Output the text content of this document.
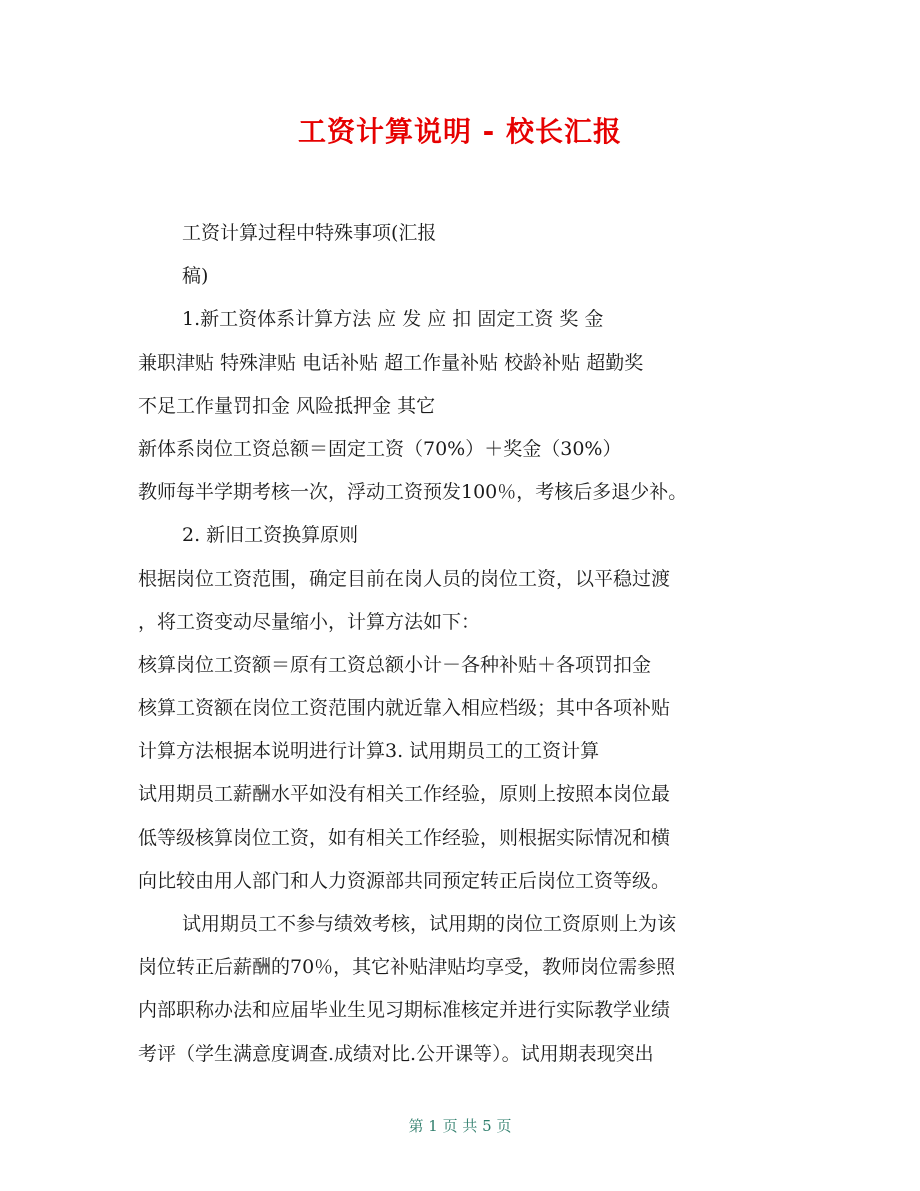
工资计算说明 - 校长汇报
工资计算过程中特殊事项(汇报
稿)
1.新工资体系计算方法 应 发 应 扣 固定工资 奖 金
兼职津贴 特殊津贴 电话补贴 超工作量补贴 校龄补贴 超勤奖
不足工作量罚扣金 风险抵押金 其它
新体系岗位工资总额＝固定工资（70%）＋奖金（30%）
教师每半学期考核一次，浮动工资预发100％，考核后多退少补。
2. 新旧工资换算原则
根据岗位工资范围，确定目前在岗人员的岗位工资，以平稳过渡
，将工资变动尽量缩小，计算方法如下：
核算岗位工资额＝原有工资总额小计－各种补贴＋各项罚扣金
核算工资额在岗位工资范围内就近靠入相应档级；其中各项补贴
计算方法根据本说明进行计算3. 试用期员工的工资计算
试用期员工薪酬水平如没有相关工作经验，原则上按照本岗位最
低等级核算岗位工资，如有相关工作经验，则根据实际情况和横
向比较由用人部门和人力资源部共同预定转正后岗位工资等级。
试用期员工不参与绩效考核，试用期的岗位工资原则上为该
岗位转正后薪酬的70％，其它补贴津贴均享受，教师岗位需参照
内部职称办法和应届毕业生见习期标准核定并进行实际教学业绩
考评（学生满意度调查.成绩对比.公开课等）。试用期表现突出
第 1 页 共 5 页
